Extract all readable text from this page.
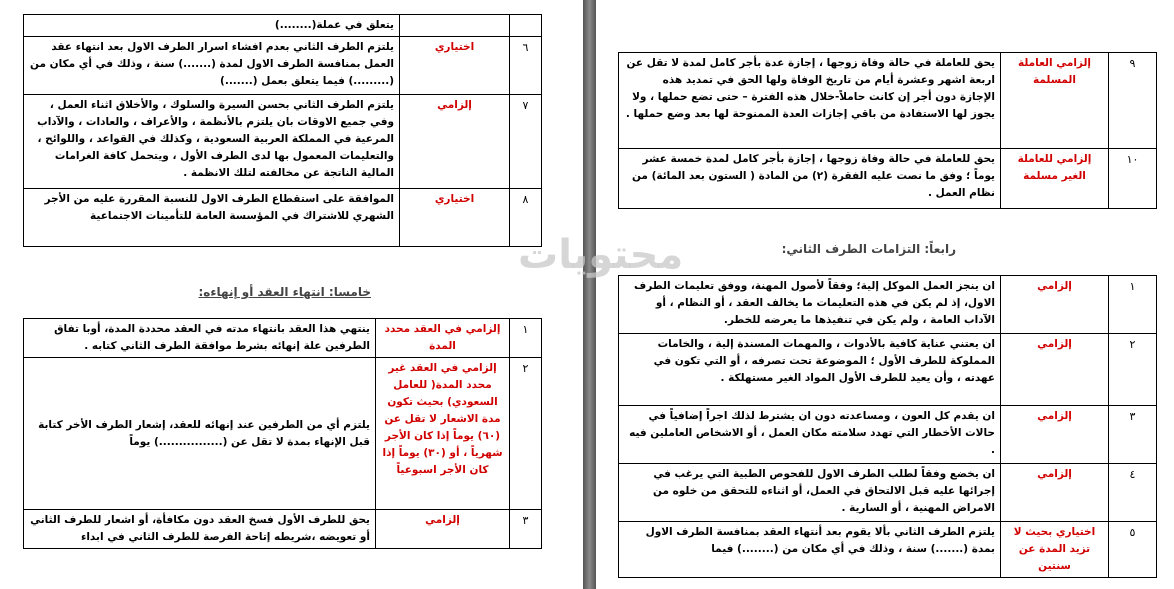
		يتعلق في عملة(........)
٦	اختياري	يلتزم الطرف الثاني بعدم افشاء اسرار الطرف الاول بعد انتهاء عقد العمل بمنافسة الطرف الاول لمدة (.......) سنة ، وذلك في أي مكان من (.........) فيما يتعلق بعمل (.......)
٧	إلزامي	يلتزم الطرف الثاني بحسن السيرة والسلوك ، والأخلاق اثناء العمل ، وفي جميع الاوقات بان يلتزم بالأنظمة ، والأعراف ، والعادات ، والآداب المرعية في المملكة العربية السعودية ، وكذلك في القواعد ، واللوائح ، والتعليمات المعمول بها لدى الطرف الأول ، ويتحمل كافة الغرامات المالية الناتجة عن مخالفته لتلك الانظمة .
٨	اختياري	الموافقة على استقطاع الطرف الاول للنسبة المقررة عليه من الأجر الشهري للاشتراك في المؤسسة العامة للتأمينات الاجتماعية
خامسا: انتهاء العقد أو إنهاءه:
١	إلزامي في العقد محدد المدة	ينتهي هذا العقد بانتهاء مدته في العقد محددة المدة، أوبا تفاق الطرفين علة إنهائه بشرط موافقة الطرف الثاني كتابه .
٢	إلزامي في العقد غير محدد المدة( للعامل السعودي) بحيث تكون مدة الاشعار لا تقل عن (٦٠) يوماً إذا كان الأجر شهرياً ، أو (٣٠) يوماً إذا كان الأجر اسبوعياً	يلتزم أي من الطرفين عند إنهائه للعقد، إشعار الطرف الأخر كتابة قبل الإنهاء بمدة لا تقل عن (................) يوماً
٣	إلزامي	يحق للطرف الأول فسخ العقد دون مكافأة، أو اشعار للطرف الثاني أو تعويضه ،شريطه إتاحة الفرصة للطرف الثاني في ابداء
٩	إلزامي العاملة المسلمة	يحق للعاملة في حالة وفاة زوجها ، إجازة عدة بأجر كامل لمدة لا تقل عن اربعة اشهر وعشرة أيام من تاريخ الوفاة ولها الحق في تمديد هذه الإجازة دون أجر إن كانت حاملاً-خلال هذه الفترة – حتى تضع حملها ، ولا يجوز لها الاستفادة من باقي إجازات العدة الممنوحة لها بعد وضع حملها .
١٠	إلزامي للعاملة الغير مسلمة	يحق للعاملة في حالة وفاة زوجها ، إجازة بأجر كامل لمدة خمسة عشر يوماً ؛ وفق ما نصت عليه الفقرة (٢) من المادة ( الستون بعد المائة) من نظام العمل .
رابعاً: التزامات الطرف الثاني:
١	إلزامي	ان ينجز العمل الموكل إلية؛ وفقاً لأصول المهنة، ووفق تعليمات الطرف الاول، إذ لم يكن في هذه التعليمات ما يخالف العقد ، أو النظام ، أو الآداب العامة ، ولم يكن في تنفيذها ما يعرضه للخطر.
٢	إلزامي	ان يعتني عناية كافية بالأدوات ، والمهمات المسندة إلية ، والخامات المملوكة للطرف الأول ؛ الموضوعة تحت تصرفه ، أو التي تكون في عهدته ، وأن يعيد للطرف الأول المواد الغير مستهلكة .
٣	إلزامي	ان يقدم كل العون ، ومساعدته دون ان يشترط لذلك اجراً إضافياً في حالات الأخطار التي تهدد سلامته مكان العمل ، أو الاشخاص العاملين فيه .
٤	إلزامي	ان يخضع وفقاً لطلب الطرف الاول للفحوص الطبية التي يرغب في إجرائها عليه قبل الالتحاق في العمل، أو اثناءه للتحقق من خلوه من الامراض المهنية ، أو السارية .
٥	اختياري بحيث لا تزيد المدة عن سنتين	يلتزم الطرف الثاني بألا يقوم بعد أنتهاء العقد بمنافسة الطرف الاول بمدة (.......) سنة ، وذلك في أي مكان من (........) فيما
محتويات
